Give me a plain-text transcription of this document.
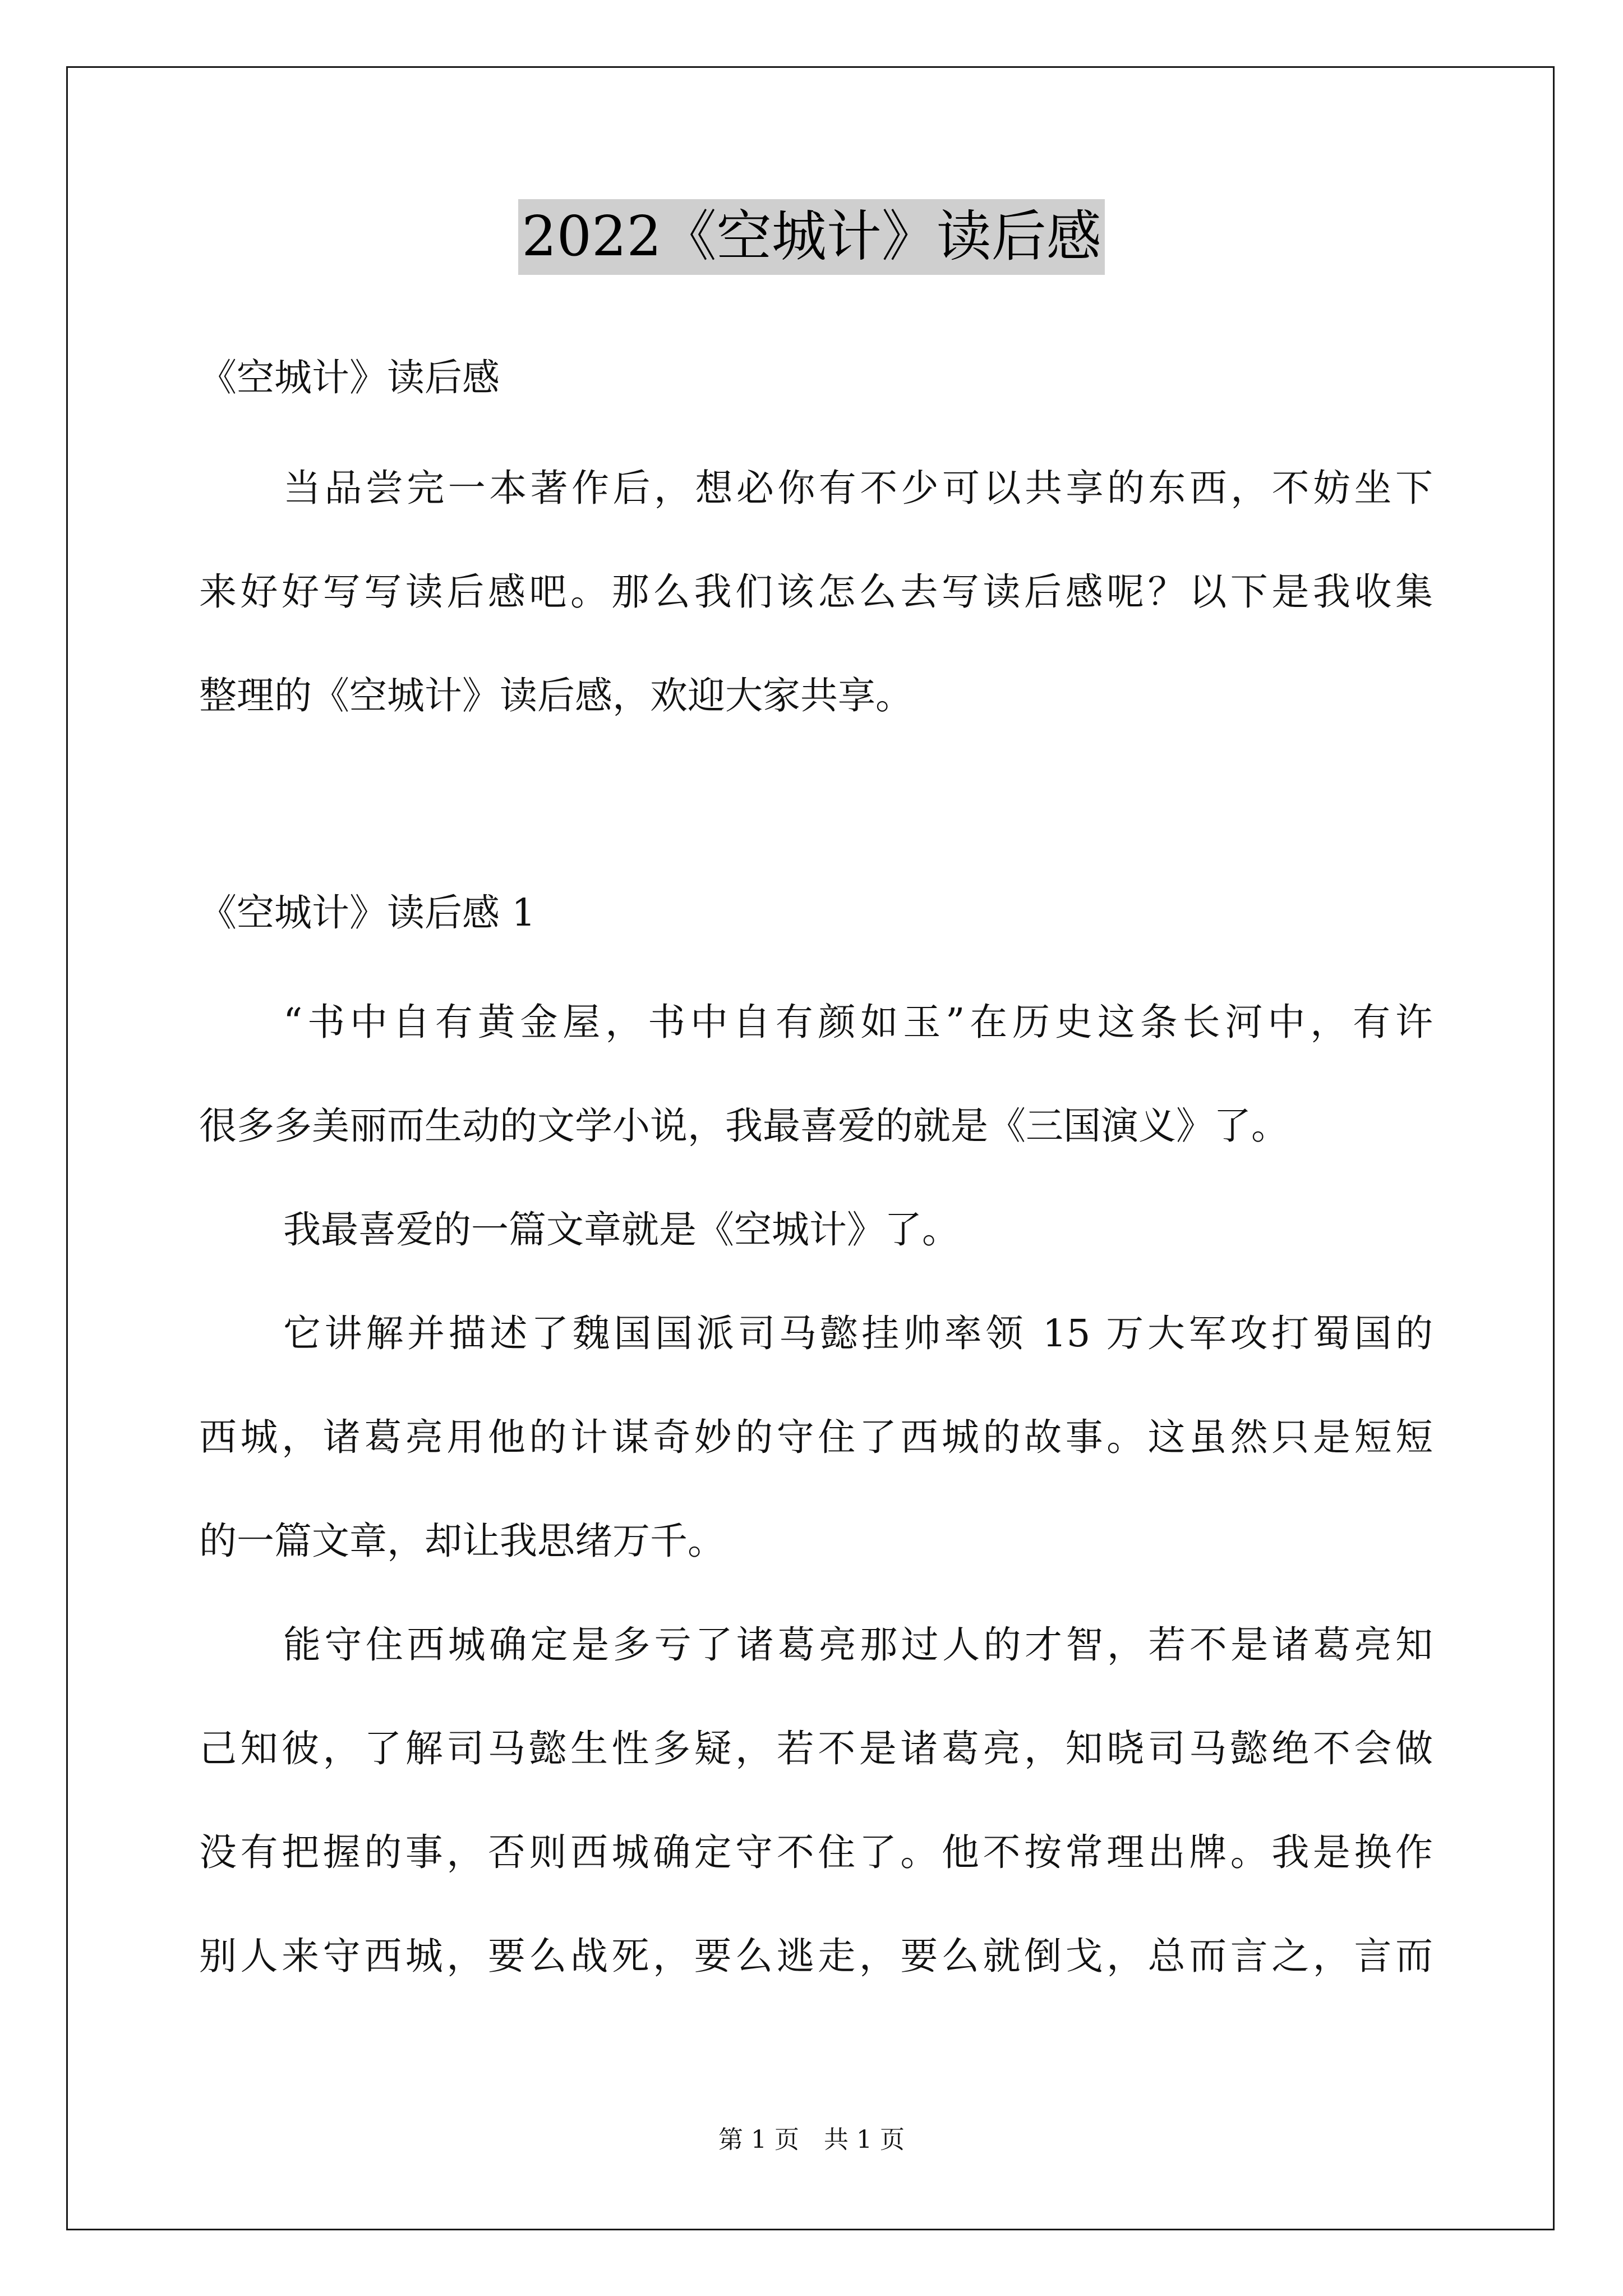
2022《空城计》读后感
《空城计》读后感
当品尝完一本著作后，想必你有不少可以共享的东西，不妨坐下
来好好写写读后感吧。那么我们该怎么去写读后感呢？以下是我收集
整理的《空城计》读后感，欢迎大家共享。
《空城计》读后感 1
“书中自有黄金屋，书中自有颜如玉”在历史这条长河中，有许
很多多美丽而生动的文学小说，我最喜爱的就是《三国演义》了。
我最喜爱的一篇文章就是《空城计》了。
它讲解并描述了魏国国派司马懿挂帅率领 15 万大军攻打蜀国的
西城，诸葛亮用他的计谋奇妙的守住了西城的故事。这虽然只是短短
的一篇文章，却让我思绪万千。
能守住西城确定是多亏了诸葛亮那过人的才智，若不是诸葛亮知
己知彼，了解司马懿生性多疑，若不是诸葛亮，知晓司马懿绝不会做
没有把握的事，否则西城确定守不住了。他不按常理出牌。我是换作
别人来守西城，要么战死，要么逃走，要么就倒戈，总而言之，言而
第 1 页　共 1 页
